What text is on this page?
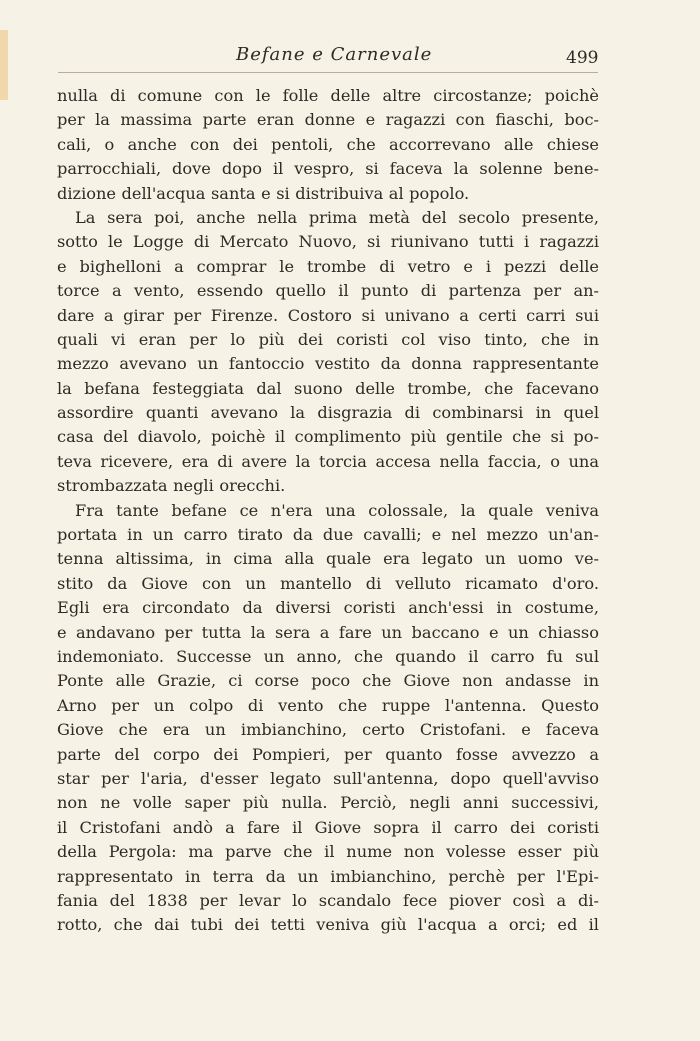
Befane e Carnevale	499
nulla di comune con le folle delle altre circostanze; poichè
per la massima parte eran donne e ragazzi con fiaschi, boc-
cali, o anche con dei pentoli, che accorrevano alle chiese
parrocchiali, dove dopo il vespro, si faceva la solenne bene-
dizione dell'acqua santa e si distribuiva al popolo.
La sera poi, anche nella prima metà del secolo presente,
sotto le Logge di Mercato Nuovo, si riunivano tutti i ragazzi
e bighelloni a comprar le trombe di vetro e i pezzi delle
torce a vento, essendo quello il punto di partenza per an-
dare a girar per Firenze. Costoro si univano a certi carri sui
quali vi eran per lo più dei coristi col viso tinto, che in
mezzo avevano un fantoccio vestito da donna rappresentante
la befana festeggiata dal suono delle trombe, che facevano
assordire quanti avevano la disgrazia di combinarsi in quel
casa del diavolo, poichè il complimento più gentile che si po-
teva ricevere, era di avere la torcia accesa nella faccia, o una
strombazzata negli orecchi.
Fra tante befane ce n'era una colossale, la quale veniva
portata in un carro tirato da due cavalli; e nel mezzo un'an-
tenna altissima, in cima alla quale era legato un uomo ve-
stito da Giove con un mantello di velluto ricamato d'oro.
Egli era circondato da diversi coristi anch'essi in costume,
e andavano per tutta la sera a fare un baccano e un chiasso
indemoniato. Successe un anno, che quando il carro fu sul
Ponte alle Grazie, ci corse poco che Giove non andasse in
Arno per un colpo di vento che ruppe l'antenna. Questo
Giove che era un imbianchino, certo Cristofani. e faceva
parte del corpo dei Pompieri, per quanto fosse avvezzo a
star per l'aria, d'esser legato sull'antenna, dopo quell'avviso
non ne volle saper più nulla. Perciò, negli anni successivi,
il Cristofani andò a fare il Giove sopra il carro dei coristi
della Pergola: ma parve che il nume non volesse esser più
rappresentato in terra da un imbianchino, perchè per l'Epi-
fania del 1838 per levar lo scandalo fece piover così a di-
rotto, che dai tubi dei tetti veniva giù l'acqua a orci; ed il
